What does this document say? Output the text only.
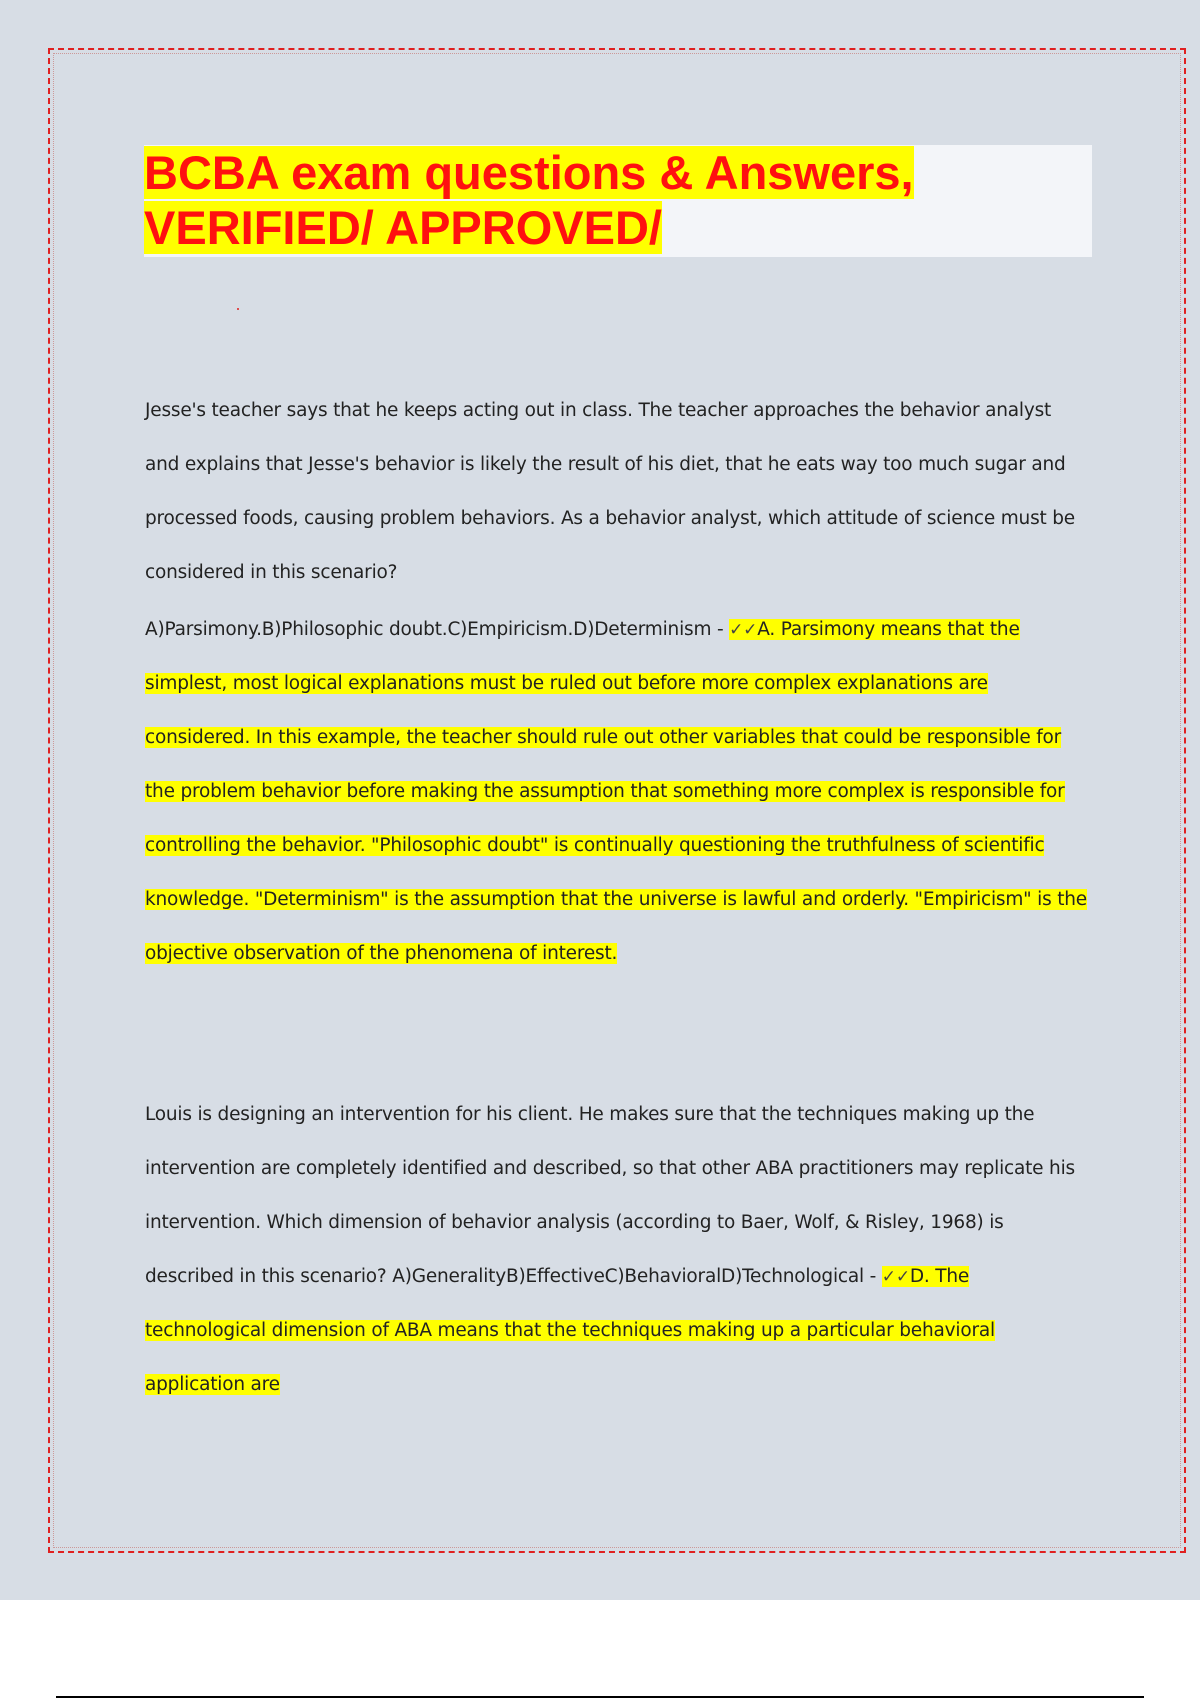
BCBA exam questions & Answers,
VERIFIED/ APPROVED/

Jesse's teacher says that he keeps acting out in class. The teacher approaches the behavior analyst and explains that Jesse's behavior is likely the result of his diet, that he eats way too much sugar and processed foods, causing problem behaviors. As a behavior analyst, which attitude of science must be considered in this scenario?

A)Parsimony.B)Philosophic doubt.C)Empiricism.D)Determinism - ✓✓A. Parsimony means that the simplest, most logical explanations must be ruled out before more complex explanations are considered. In this example, the teacher should rule out other variables that could be responsible for the problem behavior before making the assumption that something more complex is responsible for controlling the behavior. "Philosophic doubt" is continually questioning the truthfulness of scientific knowledge. "Determinism" is the assumption that the universe is lawful and orderly. "Empiricism" is the objective observation of the phenomena of interest.

Louis is designing an intervention for his client. He makes sure that the techniques making up the intervention are completely identified and described, so that other ABA practitioners may replicate his intervention. Which dimension of behavior analysis (according to Baer, Wolf, & Risley, 1968) is described in this scenario? A)GeneralityB)EffectiveC)BehavioralD)Technological - ✓✓D. The technological dimension of ABA means that the techniques making up a particular behavioral application are
